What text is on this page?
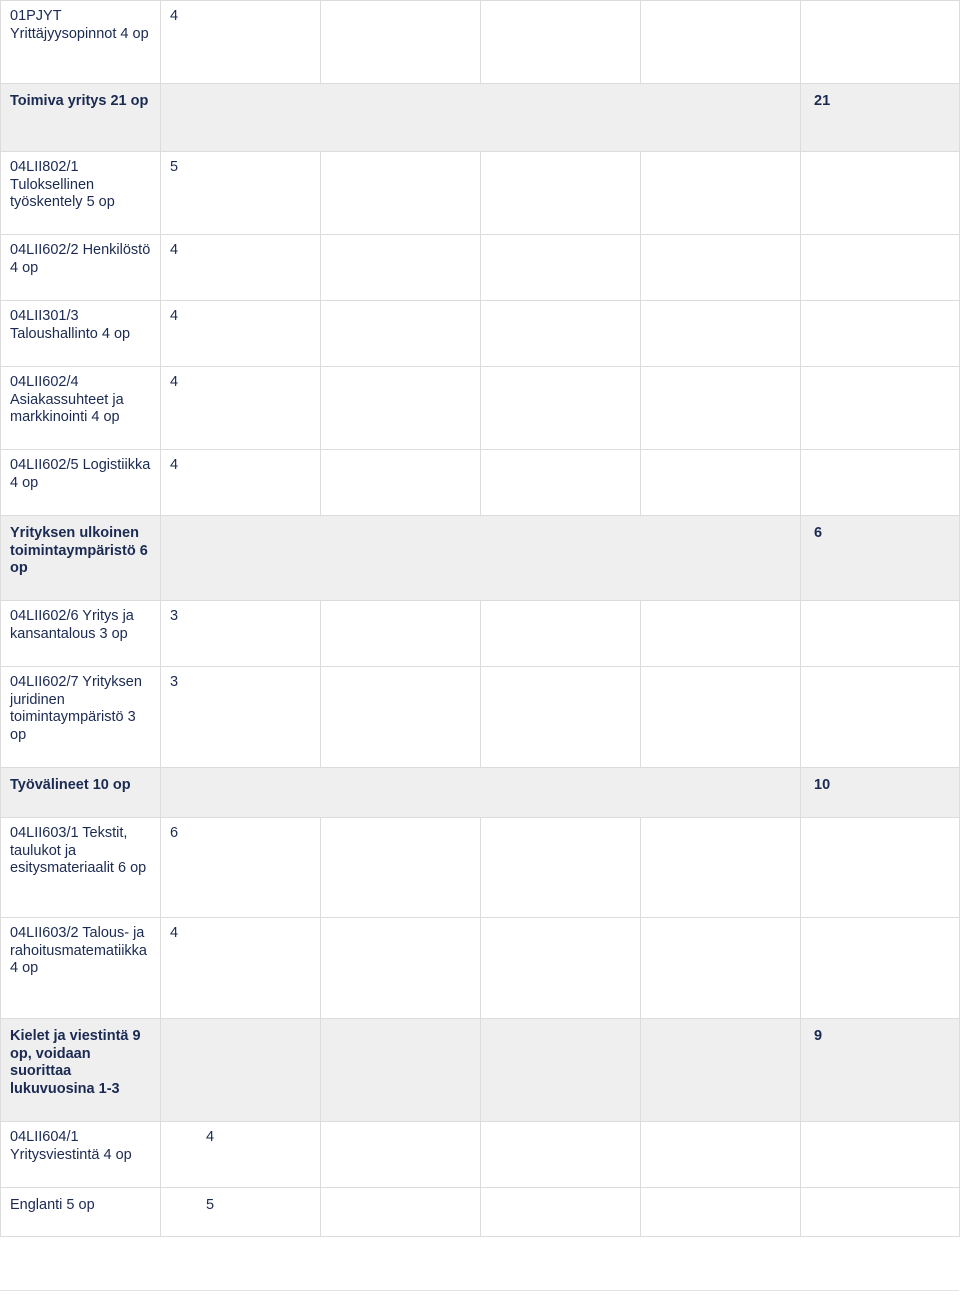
01PJYT Yrittäjyysopinnot 4 op	4				
Toimiva yritys 21 op					21
04LII802/1 Tuloksellinen työskentely 5 op	5				
04LII602/2 Henkilöstö 4 op	4				
04LII301/3 Taloushallinto 4 op	4				
04LII602/4 Asiakassuhteet ja markkinointi 4 op	4				
04LII602/5 Logistiikka 4 op	4				
Yrityksen ulkoinen toimintaympäristö 6 op					6
04LII602/6 Yritys ja kansantalous 3 op	3				
04LII602/7 Yrityksen juridinen toimintaympäristö 3 op	3				
Työvälineet 10 op					10
04LII603/1 Tekstit, taulukot ja esitysmateriaalit 6 op	6				
04LII603/2 Talous- ja rahoitusmatematiikka 4 op	4				
Kielet ja viestintä 9 op, voidaan suorittaa lukuvuosina 1-3					9
04LII604/1 Yritysviestintä 4 op	4				
Englanti 5 op	5				
